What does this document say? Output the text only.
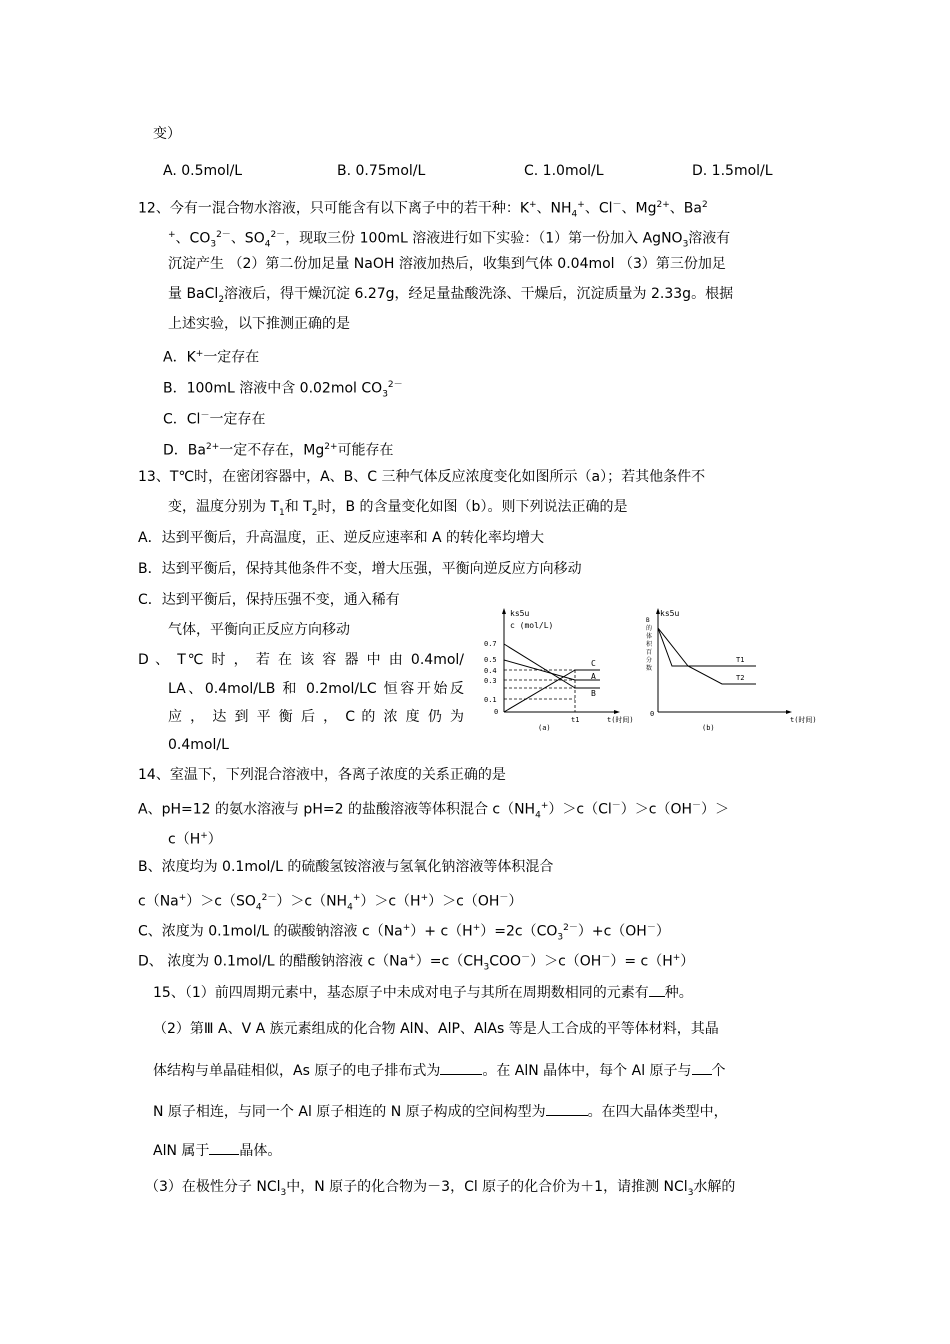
变）
A. 0.5mol/L	B. 0.75mol/L	C. 1.0mol/L	D. 1.5mol/L
12、今有一混合物水溶液，只可能含有以下离子中的若干种：K+、$NH_4^+$、Cl－、$Mg^{2+}$、Ba$^2$
+、$CO_3^{2-}$、$SO_4^{2-}$，现取三份 100mL 溶液进行如下实验：（1）第一份加入 AgNO$_3$溶液有
沉淀产生 （2）第二份加足量 NaOH 溶液加热后，收集到气体 0.04mol （3）第三份加足
量 BaCl$_2$溶液后，得干燥沉淀 6.27g，经足量盐酸洗涤、干燥后，沉淀质量为 2.33g。根据
上述实验，以下推测正确的是
A．K+一定存在
B．100mL 溶液中含 0.02mol $CO_3^{2-}$
C．Cl－一定存在
D．$Ba^{2+}$一定不存在，$Mg^{2+}$可能存在
13、T℃时，在密闭容器中，A、B、C 三种气体反应浓度变化如图所示（a）；若其他条件不
变，温度分别为 $T_1$和 $T_2$时，B 的含量变化如图（b）。则下列说法正确的是
A．达到平衡后，升高温度，正、逆反应速率和 A 的转化率均增大
B．达到平衡后，保持其他条件不变，增大压强，平衡向逆反应方向移动
C．达到平衡后，保持压强不变，通入稀有
气体，平衡向正反应方向移动
D 、 T℃ 时 ， 若 在 该 容 器 中 由 0.4mol/
LA、0.4mol/LB 和 0.2mol/LC 恒容开始反
应 ， 达 到 平 衡 后 ， C 的 浓 度 仍 为
0.4mol/L
ks5u
c (mol/L)
0.7
0.5
0.4
0.3
0.1
0
C
A
B
t1	t(时间)
(a)
ks5u
B
的
体
积
百
分
数
0
T1
T2
t(时间)
(b)
14、室温下，下列混合溶液中，各离子浓度的关系正确的是
A、pH=12 的氨水溶液与 pH=2 的盐酸溶液等体积混合 $c(NH_4^+)>c(Cl^-)>c(OH^-)>$
c（H+）
B、浓度均为 0.1mol/L 的硫酸氢铵溶液与氢氧化钠溶液等体积混合
$c(Na^+)>c(SO_4^{2-})>c(NH_4^+)>c(H^+)>c(OH^-)$
C、浓度为 0.1mol/L 的碳酸钠溶液 $c(Na^+)+ c(H^+)=2c(CO_3^{2-})+c(OH^-)$
D、 浓度为 0.1mol/L 的醋酸钠溶液 $c(Na^+)=c(CH_3COO^-)>c(OH^-)= c(H^+)$
15、（1）前四周期元素中，基态原子中未成对电子与其所在周期数相同的元素有 种。
（2）第Ⅲ A、Ⅴ A 族元素组成的化合物 AlN、AlP、AlAs 等是人工合成的平等体材料，其晶
体结构与单晶硅相似，As 原子的电子排布式为	。在 AlN 晶体中，每个 Al 原子与 个
N 原子相连，与同一个 Al 原子相连的 N 原子构成的空间构型为	。在四大晶体类型中，
AlN 属于 晶体。
（3）在极性分子 NCl$_3$中，N 原子的化合物为－3，Cl 原子的化合价为＋1，请推测 NCl$_3$水解的
